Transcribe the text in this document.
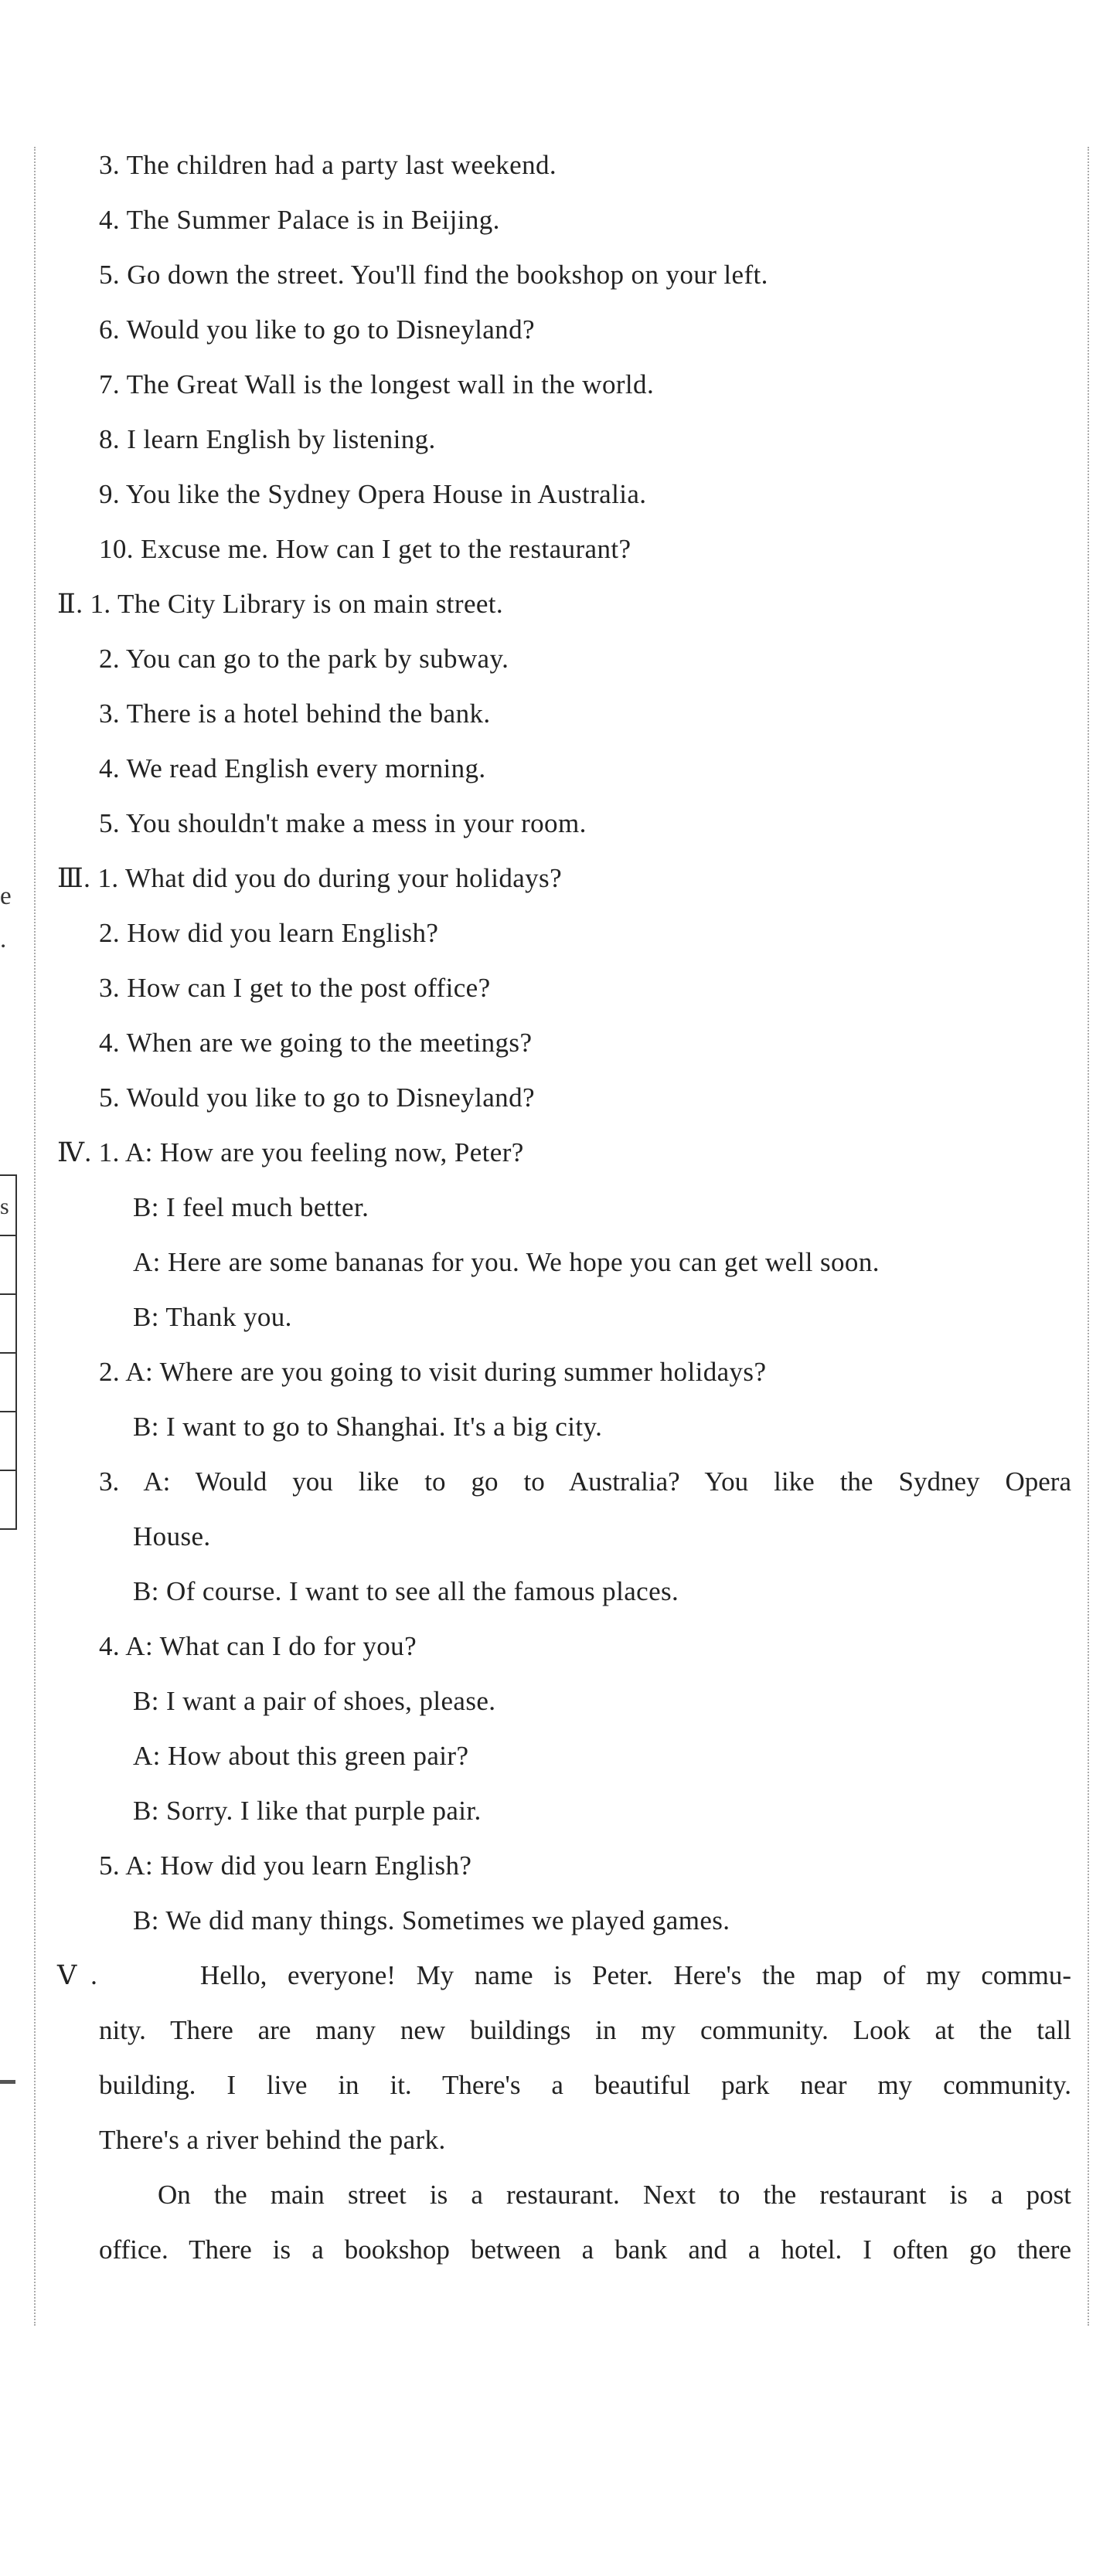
e
.
s
3. The children had a party last weekend.
4. The Summer Palace is in Beijing.
5. Go down the street. You'll find the bookshop on your left.
6. Would you like to go to Disneyland?
7. The Great Wall is the longest wall in the world.
8. I learn English by listening.
9. You like the Sydney Opera House in Australia.
10. Excuse me. How can I get to the restaurant?
Ⅱ. 1. The City Library is on main street.
2. You can go to the park by subway.
3. There is a hotel behind the bank.
4. We read English every morning.
5. You shouldn't make a mess in your room.
Ⅲ. 1. What did you do during your holidays?
2. How did you learn English?
3. How can I get to the post office?
4. When are we going to the meetings?
5. Would you like to go to Disneyland?
Ⅳ. 1. A: How are you feeling now, Peter?
B: I feel much better.
A: Here are some bananas for you. We hope you can get well soon.
B: Thank you.
2. A: Where are you going to visit during summer holidays?
B: I want to go to Shanghai. It's a big city.
3. A: Would you like to go to Australia? You like the Sydney Opera
House.
B: Of course. I want to see all the famous places.
4. A: What can I do for you?
B: I want a pair of shoes, please.
A: How about this green pair?
B: Sorry. I like that purple pair.
5. A: How did you learn English?
B: We did many things. Sometimes we played games.
Ⅴ.     Hello, everyone! My name is Peter. Here's the map of my commu-
nity. There are many new buildings in my community. Look at the tall
building. I live in it. There's a beautiful park near my community.
There's a river behind the park.
On the main street is a restaurant. Next to the restaurant is a post
office. There is a bookshop between a bank and a hotel. I often go there
